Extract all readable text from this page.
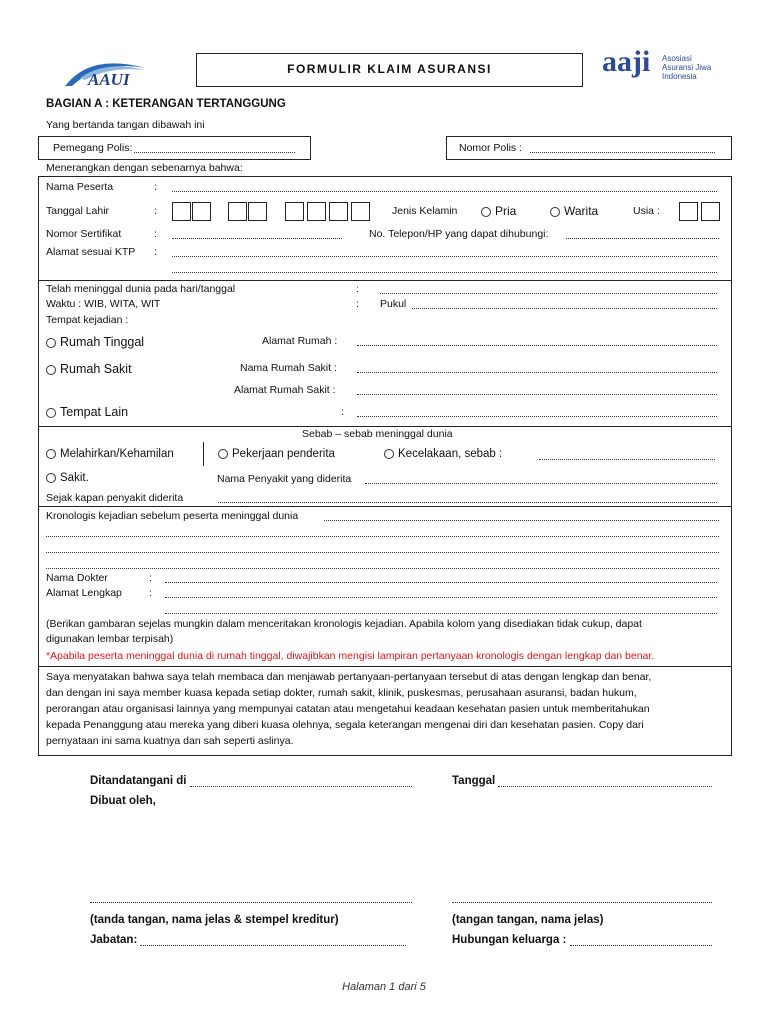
AAUI
FORMULIR KLAIM ASURANSI	aaji Asosiasi
Asuransi Jiwa
Indonesia
BAGIAN A : KETERANGAN TERTANGGUNG
Yang bertanda tangan dibawah ini
Pemegang Polis:	Nomor Polis :
Menerangkan dengan sebenarnya bahwa:
Nama Peserta	:
Tanggal Lahir	:	Jenis Kelamin	Pria	Warita	Usia :
Nomor Sertifikat	:	No. Telepon/HP yang dapat dihubungi:
Alamat sesuai KTP :
Telah meninggal dunia pada hari/tanggal	:
Waktu : WIB, WITA, WIT	: Pukul
Tempat kejadian :
Rumah Tinggal	Alamat Rumah :
Rumah Sakit	Nama Rumah Sakit :
Alamat Rumah Sakit :
Tempat Lain	:
Sebab – sebab meninggal dunia
Melahirkan/Kehamilan	Pekerjaan penderita	Kecelakaan, sebab :
Sakit.	Nama Penyakit yang diderita
Sejak kapan penyakit diderita
Kronologis kejadian sebelum peserta meninggal dunia
Nama Dokter	:
Alamat Lengkap	:
(Berikan gambaran sejelas mungkin dalam menceritakan kronologis kejadian. Apabila kolom yang disediakan tidak cukup, dapat
digunakan lembar terpisah)
*Apabila peserta meninggal dunia di rumah tinggal, diwajibkan mengisi lampiran pertanyaan kronologis dengan lengkap dan benar.
Saya menyatakan bahwa saya telah membaca dan menjawab pertanyaan-pertanyaan tersebut di atas dengan lengkap dan benar,
dan dengan ini saya member kuasa kepada setiap dokter, rumah sakit, klinik, puskesmas, perusahaan asuransi, badan hukum,
perorangan atau organisasi lainnya yang mempunyai catatan atau mengetahui keadaan kesehatan pasien untuk memberitahukan
kepada Penanggung atau mereka yang diberi kuasa olehnya, segala keterangan mengenai diri dan kesehatan pasien. Copy dari
pernyataan ini sama kuatnya dan sah seperti aslinya.
Ditandatangani di	Tanggal
Dibuat oleh,
(tanda tangan, nama jelas & stempel kreditur)	(tangan tangan, nama jelas)
Jabatan:	Hubungan keluarga :
Halaman 1 dari 5
